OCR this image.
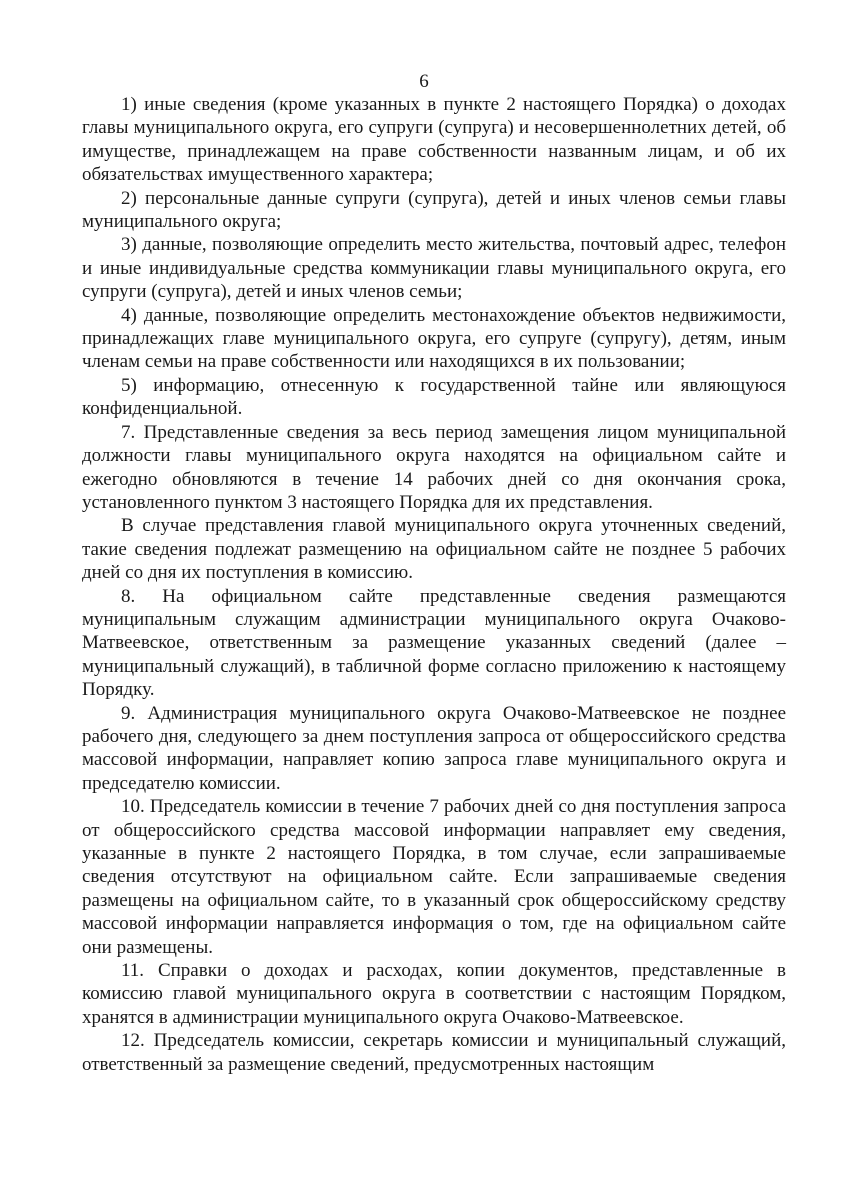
6

1) иные сведения (кроме указанных в пункте 2 настоящего Порядка) о доходах главы муниципального округа, его супруги (супруга) и несовершеннолетних детей, об имуществе, принадлежащем на праве собственности названным лицам, и об их обязательствах имущественного характера;

2) персональные данные супруги (супруга), детей и иных членов семьи главы муниципального округа;

3) данные, позволяющие определить место жительства, почтовый адрес, телефон и иные индивидуальные средства коммуникации главы муниципального округа, его супруги (супруга), детей и иных членов семьи;

4) данные, позволяющие определить местонахождение объектов недвижимости, принадлежащих главе муниципального округа, его супруге (супругу), детям, иным членам семьи на праве собственности или находящихся в их пользовании;

5) информацию, отнесенную к государственной тайне или являющуюся конфиденциальной.

7. Представленные сведения за весь период замещения лицом муниципальной должности главы муниципального округа находятся на официальном сайте и ежегодно обновляются в течение 14 рабочих дней со дня окончания срока, установленного пунктом 3 настоящего Порядка для их представления.

В случае представления главой муниципального округа уточненных сведений, такие сведения подлежат размещению на официальном сайте не позднее 5 рабочих дней со дня их поступления в комиссию.

8. На официальном сайте представленные сведения размещаются муниципальным служащим администрации муниципального округа Очаково-Матвеевское, ответственным за размещение указанных сведений (далее – муниципальный служащий), в табличной форме согласно приложению к настоящему Порядку.

9. Администрация муниципального округа Очаково-Матвеевское не позднее рабочего дня, следующего за днем поступления запроса от общероссийского средства массовой информации, направляет копию запроса главе муниципального округа и председателю комиссии.

10. Председатель комиссии в течение 7 рабочих дней со дня поступления запроса от общероссийского средства массовой информации направляет ему сведения, указанные в пункте 2 настоящего Порядка, в том случае, если запрашиваемые сведения отсутствуют на официальном сайте. Если запрашиваемые сведения размещены на официальном сайте, то в указанный срок общероссийскому средству массовой информации направляется информация о том, где на официальном сайте они размещены.

11. Справки о доходах и расходах, копии документов, представленные в комиссию главой муниципального округа в соответствии с настоящим Порядком, хранятся в администрации муниципального округа Очаково-Матвеевское.

12. Председатель комиссии, секретарь комиссии и муниципальный служащий, ответственный за размещение сведений, предусмотренных настоящим
